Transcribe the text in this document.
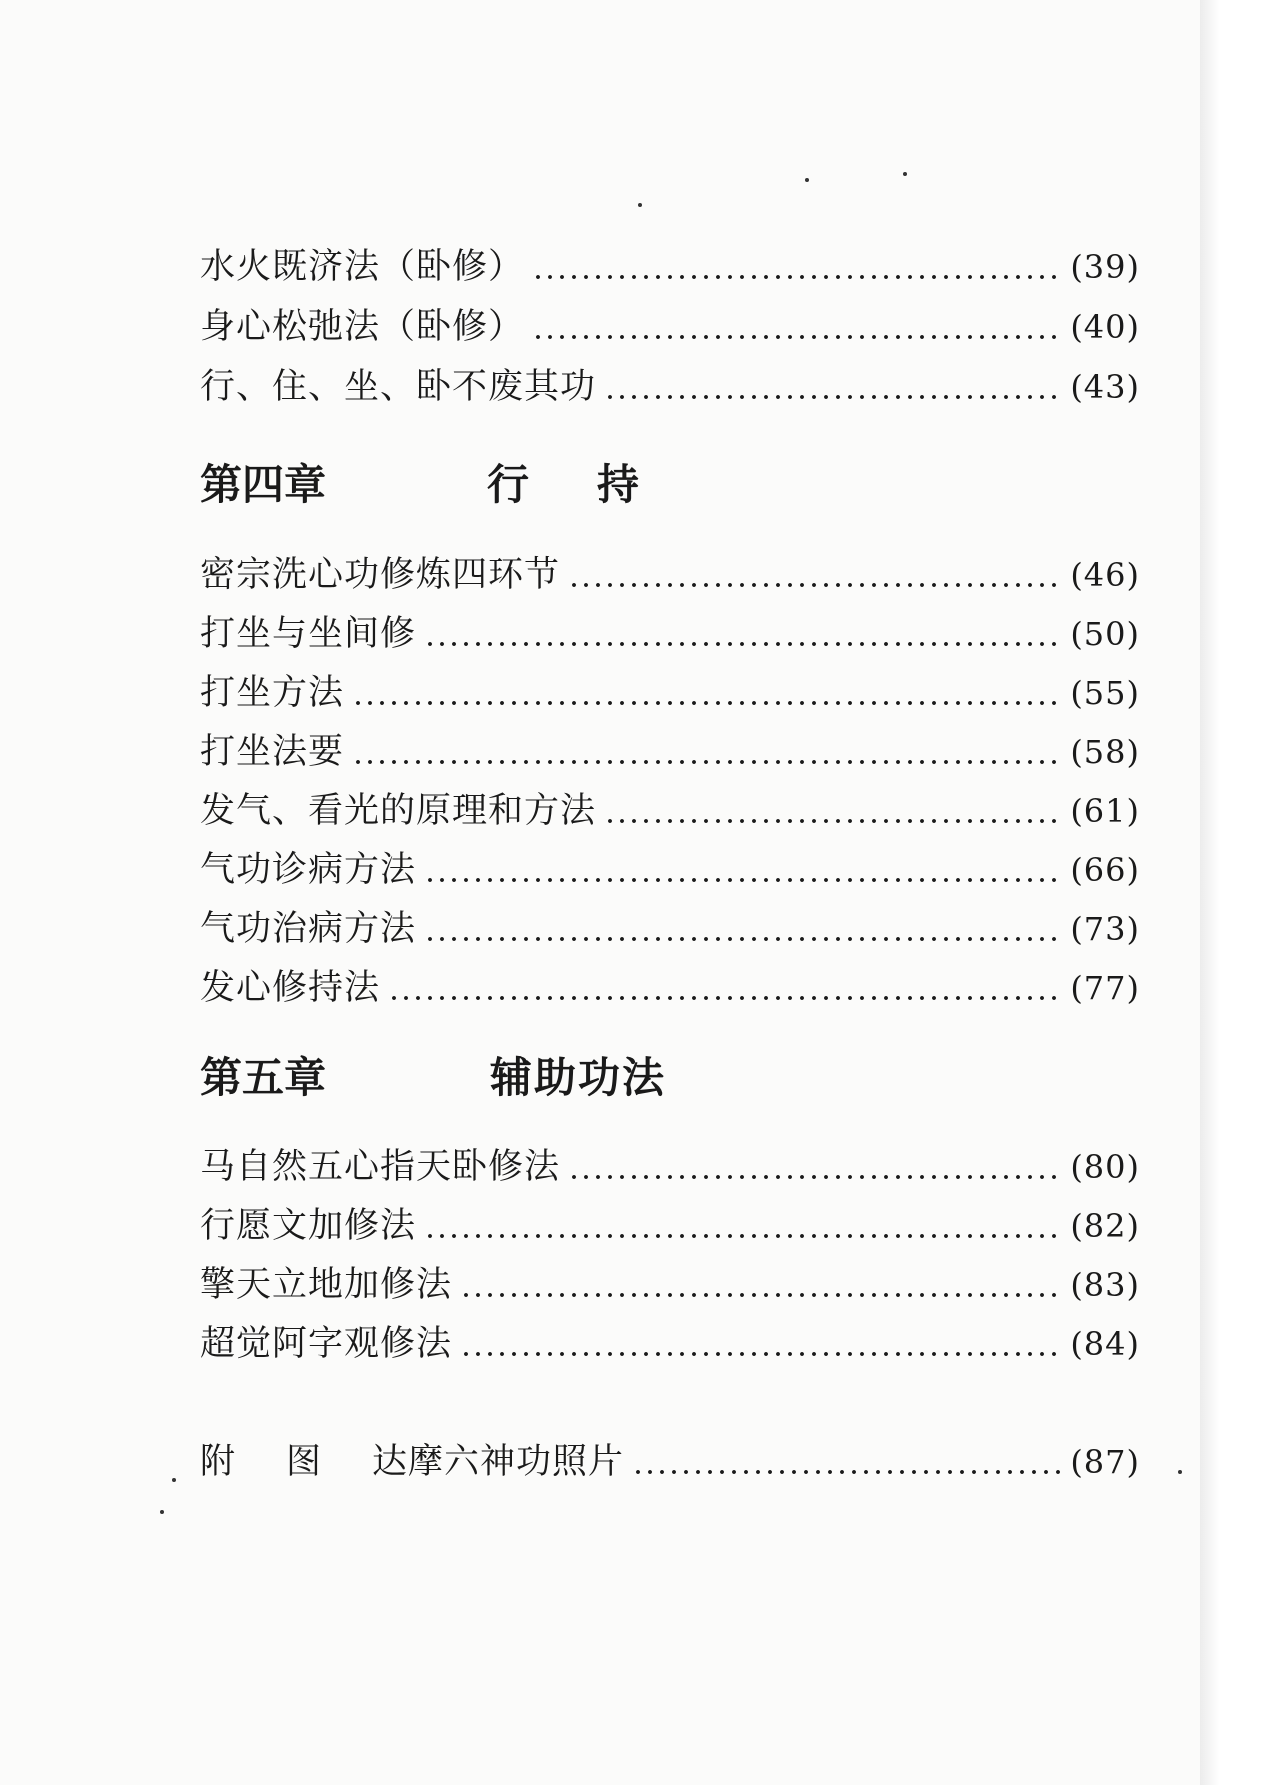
水火既济法（卧修）	(39)
身心松弛法（卧修）	(40)
行、住、坐、卧不废其功	(43)
第四章	行持
密宗洗心功修炼四环节	(46)
打坐与坐间修	(50)
打坐方法	(55)
打坐法要	(58)
发气、看光的原理和方法	(61)
气功诊病方法	(66)
气功治病方法	(73)
发心修持法	(77)
第五章	辅助功法
马自然五心指天卧修法	(80)
行愿文加修法	(82)
擎天立地加修法	(83)
超觉阿字观修法	(84)
附 图 达摩六神功照片	(87)
